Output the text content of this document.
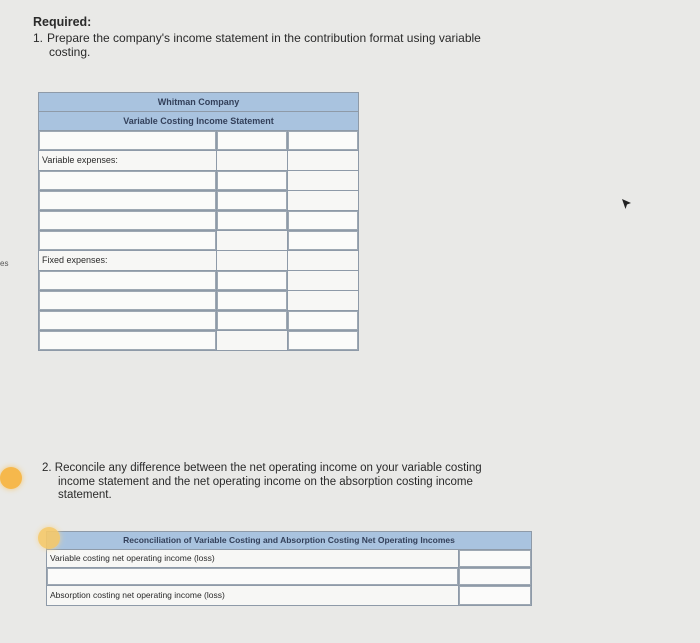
Required:
1. Prepare the company's income statement in the contribution format using variable
costing.
Whitman Company
Variable Costing Income Statement
Variable expenses:
Fixed expenses:
es
2. Reconcile any difference between the net operating income on your variable costing
income statement and the net operating income on the absorption costing income
statement.
Reconciliation of Variable Costing and Absorption Costing Net Operating Incomes
Variable costing net operating income (loss)
Absorption costing net operating income (loss)
